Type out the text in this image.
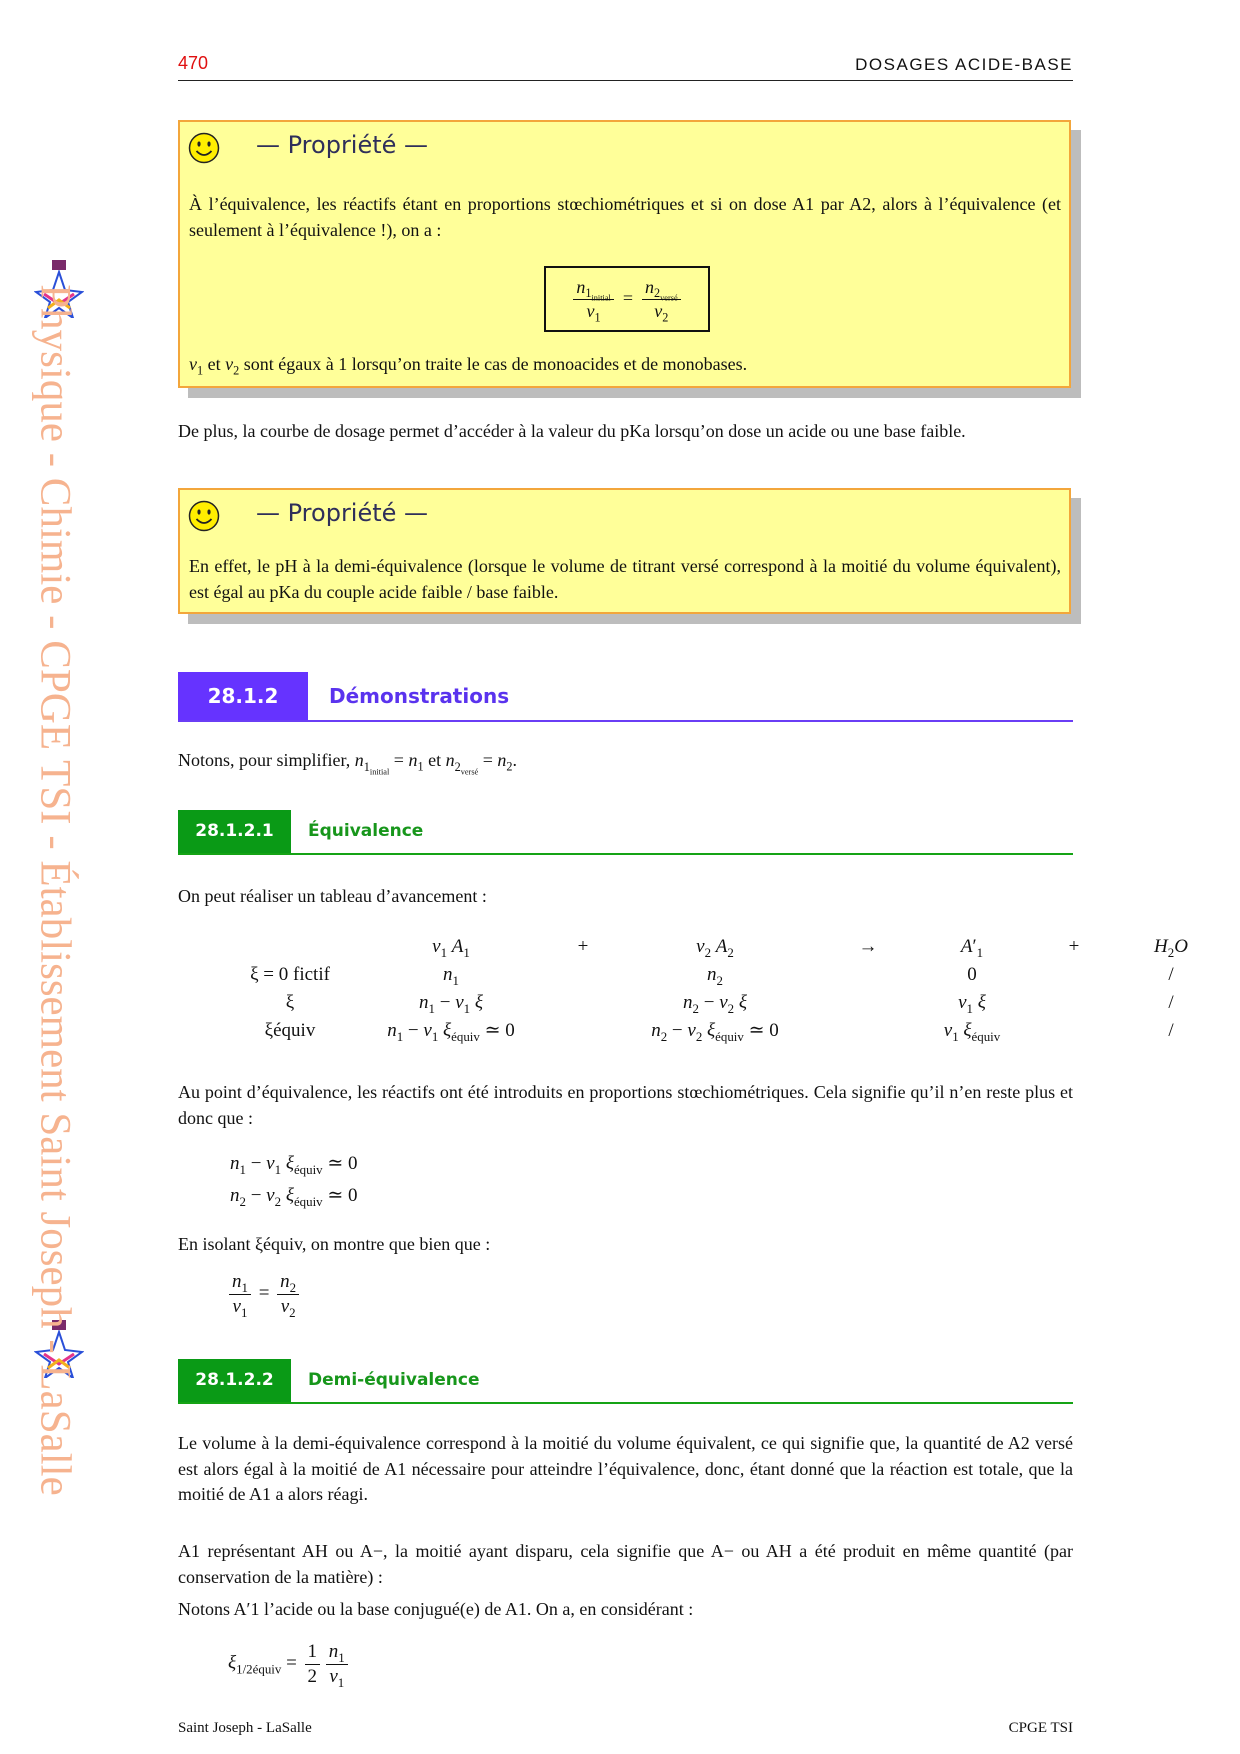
470	DOSAGES ACIDE-BASE
Physique - Chimie - CPGE TSI - Établissement Saint Joseph - LaSalle
— Propriété —
À l’équivalence, les réactifs étant en proportions stœchiométriques et si on dose A1 par A2, alors à l’équivalence (et seulement à l’équivalence !), on a :
$\frac{n_{1_{initial}}}{\nu_1} = \frac{n_{2_{versé}}}{\nu_2}$
$\nu_1$ et $\nu_2$ sont égaux à 1 lorsqu’on traite le cas de monoacides et de monobases.

De plus, la courbe de dosage permet d’accéder à la valeur du pKa lorsqu’on dose un acide ou une base faible.

— Propriété —
En effet, le pH à la demi-équivalence (lorsque le volume de titrant versé correspond à la moitié du volume équivalent), est égal au pKa du couple acide faible / base faible.
28.1.2	Démonstrations

Notons, pour simplifier, $n_{1_{initial}} = n_1$ et $n_{2_{versé}} = n_2$.

28.1.2.1	Équivalence

On peut réaliser un tableau d’avancement :

	$\nu_1$ $A_1$	+	$\nu_2$ $A_2$	→	$A'_1$	+	$H_2O$
ξ = 0 fictif	$n_1$		$n_2$		0		/
ξ	$n_1 - \nu_1$ ξ		$n_2 - \nu_2$ ξ		$\nu_1$ ξ		/
ξéquiv	$n_1 - \nu_1$ $\xi_{équiv}$ ≃ 0		$n_2 - \nu_2$ $\xi_{équiv}$ ≃ 0		$\nu_1$ $\xi_{équiv}$		/

Au point d’équivalence, les réactifs ont été introduits en proportions stœchiométriques. Cela signifie qu’il n’en reste plus et donc que :

$n_1 - \nu_1$ $\xi_{équiv}$ ≃ 0
$n_2 - \nu_2$ $\xi_{équiv}$ ≃ 0

En isolant ξéquiv, on montre que bien que :

$\frac{n_1}{\nu_1} = \frac{n_2}{\nu_2}$
28.1.2.2	Demi-équivalence

Le volume à la demi-équivalence correspond à la moitié du volume équivalent, ce qui signifie que, la quantité de A2 versé est alors égal à la moitié de A1 nécessaire pour atteindre l’équivalence, donc, étant donné que la réaction est totale, que la moitié de A1 a alors réagi.

A1 représentant AH ou A−, la moitié ayant disparu, cela signifie que A− ou AH a été produit en même quantité (par conservation de la matière) :

Notons A′1 l’acide ou la base conjugué(e) de A1. On a, en considérant :

$\xi_{1/2équiv} = \frac{1}{2}$
$\frac{n_1}{\nu_1}$
Saint Joseph - LaSalle	CPGE TSI
